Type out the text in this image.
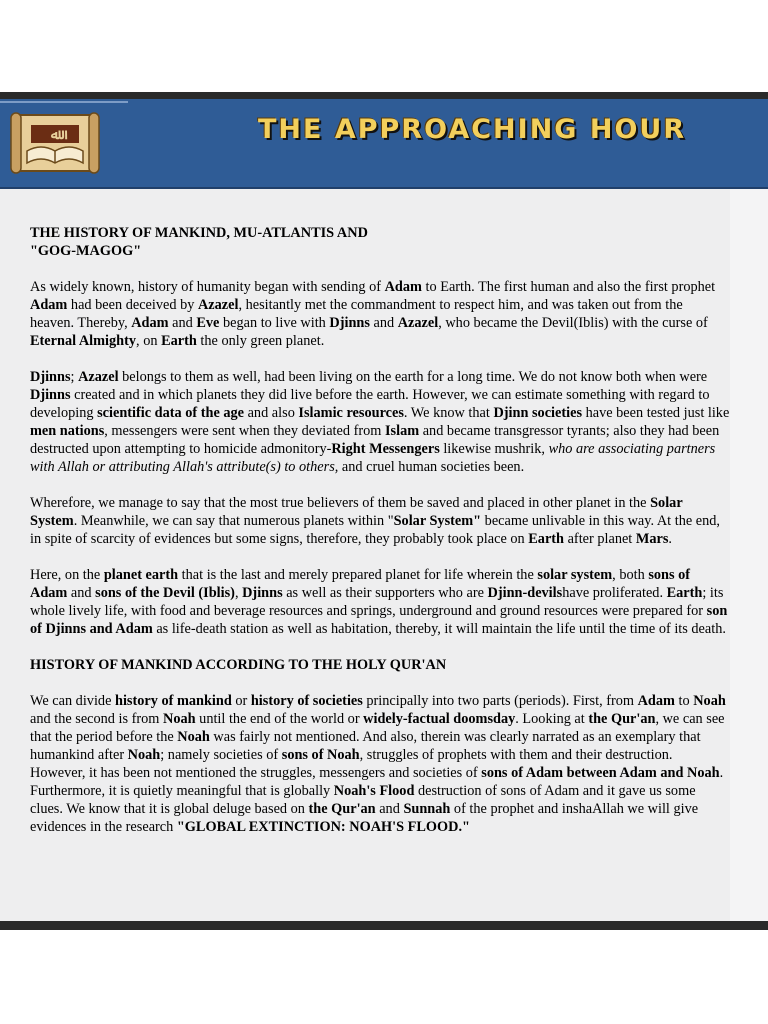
ﷲ	THE APPROACHING HOUR
THE HISTORY OF MANKIND, MU-ATLANTIS AND
"GOG-MAGOG"

As widely known, history of humanity began with sending of Adam to Earth. The first human and also the first prophet Adam had been deceived by Azazel, hesitantly met the commandment to respect him, and was taken out from the heaven. Thereby, Adam and Eve began to live with Djinns and Azazel, who became the Devil(Iblis) with the curse of Eternal Almighty, on Earth the only green planet.

Djinns; Azazel belongs to them as well, had been living on the earth for a long time. We do not know both when were Djinns created and in which planets they did live before the earth. However, we can estimate something with regard to developing scientific data of the age and also Islamic resources. We know that Djinn societies have been tested just like men nations, messengers were sent when they deviated from Islam and became transgressor tyrants; also they had been destructed upon attempting to homicide admonitory-Right Messengers likewise mushrik, who are associating partners with Allah or attributing Allah's attribute(s) to others, and cruel human societies been.

Wherefore, we manage to say that the most true believers of them be saved and placed in other planet in the Solar System. Meanwhile, we can say that numerous planets within "Solar System" became unlivable in this way. At the end, in spite of scarcity of evidences but some signs, therefore, they probably took place on Earth after planet Mars.

Here, on the planet earth that is the last and merely prepared planet for life wherein the solar system, both sons of Adam and sons of the Devil (Iblis), Djinns as well as their supporters who are Djinn-devilshave proliferated. Earth; its whole lively life, with food and beverage resources and springs, underground and ground resources were prepared for son of Djinns and Adam as life-death station as well as habitation, thereby, it will maintain the life until the time of its death.

HISTORY OF MANKIND ACCORDING TO THE HOLY QUR'AN

We can divide history of mankind or history of societies principally into two parts (periods). First, from Adam to Noah and the second is from Noah until the end of the world or widely-factual doomsday. Looking at the Qur'an, we can see that the period before the Noah was fairly not mentioned. And also, therein was clearly narrated as an exemplary that humankind after Noah; namely societies of sons of Noah, struggles of prophets with them and their destruction. However, it has been not mentioned the struggles, messengers and societies of sons of Adam between Adam and Noah. Furthermore, it is quietly meaningful that is globally Noah's Flood destruction of sons of Adam and it gave us some clues. We know that it is global deluge based on the Qur'an and Sunnah of the prophet and inshaAllah we will give evidences in the research "GLOBAL EXTINCTION: NOAH'S FLOOD."
